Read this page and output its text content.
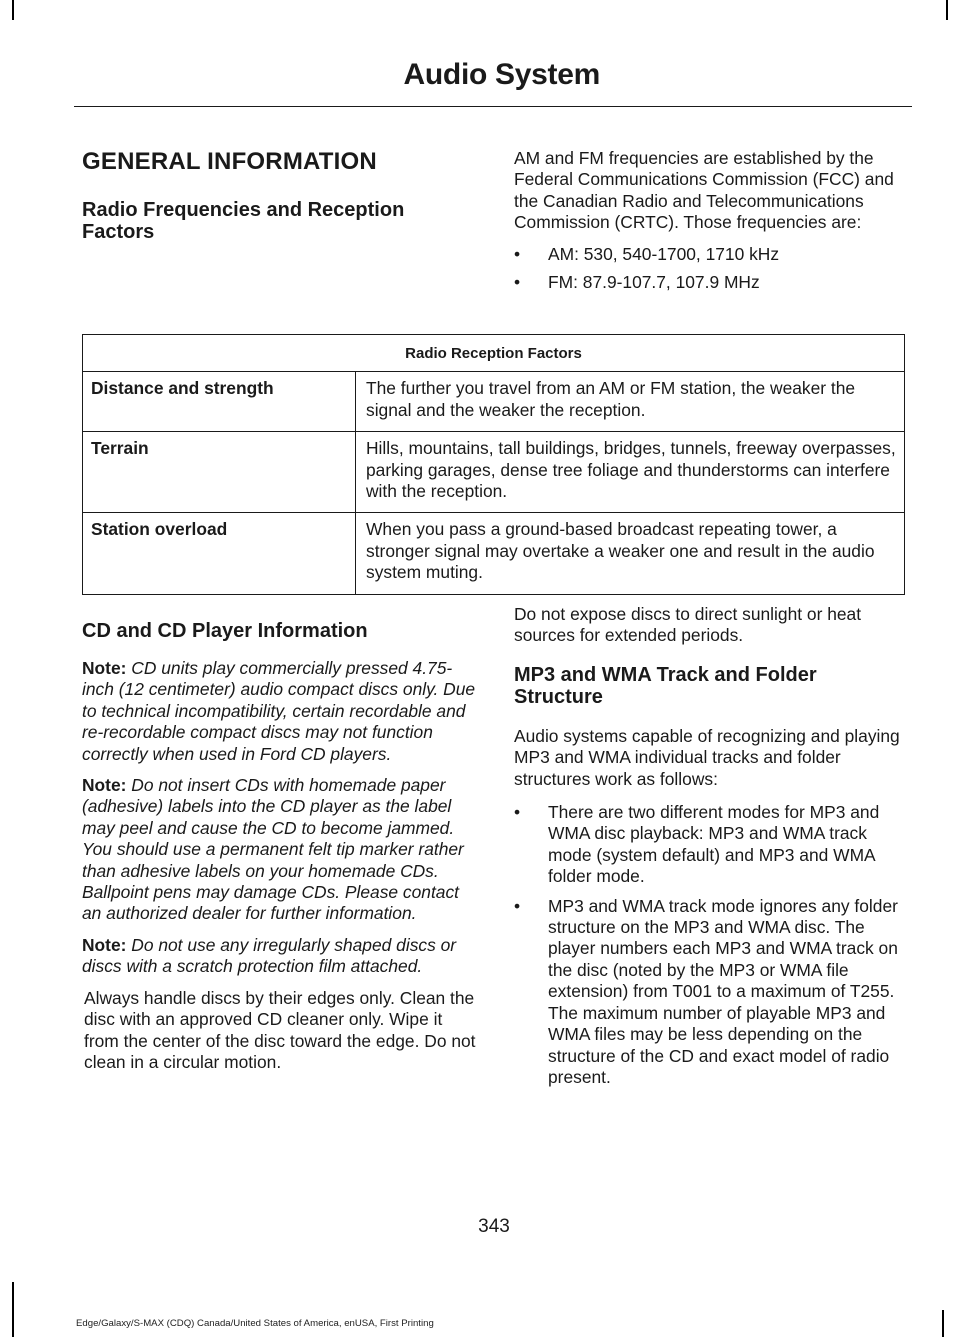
Audio System
GENERAL INFORMATION
Radio Frequencies and Reception Factors

AM and FM frequencies are established by the Federal Communications Commission (FCC) and the Canadian Radio and Telecommunications Commission (CRTC). Those frequencies are:

• AM: 530, 540-1700, 1710 kHz
• FM: 87.9-107.7, 107.9 MHz
Radio Reception Factors	
Distance and strength	The further you travel from an AM or FM station, the weaker the signal and the weaker the reception.
Terrain	Hills, mountains, tall buildings, bridges, tunnels, freeway overpasses, parking garages, dense tree foliage and thunderstorms can interfere with the reception.
Station overload	When you pass a ground-based broadcast repeating tower, a stronger signal may overtake a weaker one and result in the audio system muting.
CD and CD Player Information

Note: CD units play commercially pressed 4.75-inch (12 centimeter) audio compact discs only. Due to technical incompatibility, certain recordable and re-recordable compact discs may not function correctly when used in Ford CD players.

Note: Do not insert CDs with homemade paper (adhesive) labels into the CD player as the label may peel and cause the CD to become jammed. You should use a permanent felt tip marker rather than adhesive labels on your homemade CDs. Ballpoint pens may damage CDs. Please contact an authorized dealer for further information.

Note: Do not use any irregularly shaped discs or discs with a scratch protection film attached.

Always handle discs by their edges only. Clean the disc with an approved CD cleaner only. Wipe it from the center of the disc toward the edge. Do not clean in a circular motion.

Do not expose discs to direct sunlight or heat sources for extended periods.

MP3 and WMA Track and Folder Structure

Audio systems capable of recognizing and playing MP3 and WMA individual tracks and folder structures work as follows:

• There are two different modes for MP3 and WMA disc playback: MP3 and WMA track mode (system default) and MP3 and WMA folder mode.
• MP3 and WMA track mode ignores any folder structure on the MP3 and WMA disc. The player numbers each MP3 and WMA track on the disc (noted by the MP3 or WMA file extension) from T001 to a maximum of T255. The maximum number of playable MP3 and WMA files may be less depending on the structure of the CD and exact model of radio present.
343
Edge/Galaxy/S-MAX (CDQ) Canada/United States of America, enUSA, First Printing
